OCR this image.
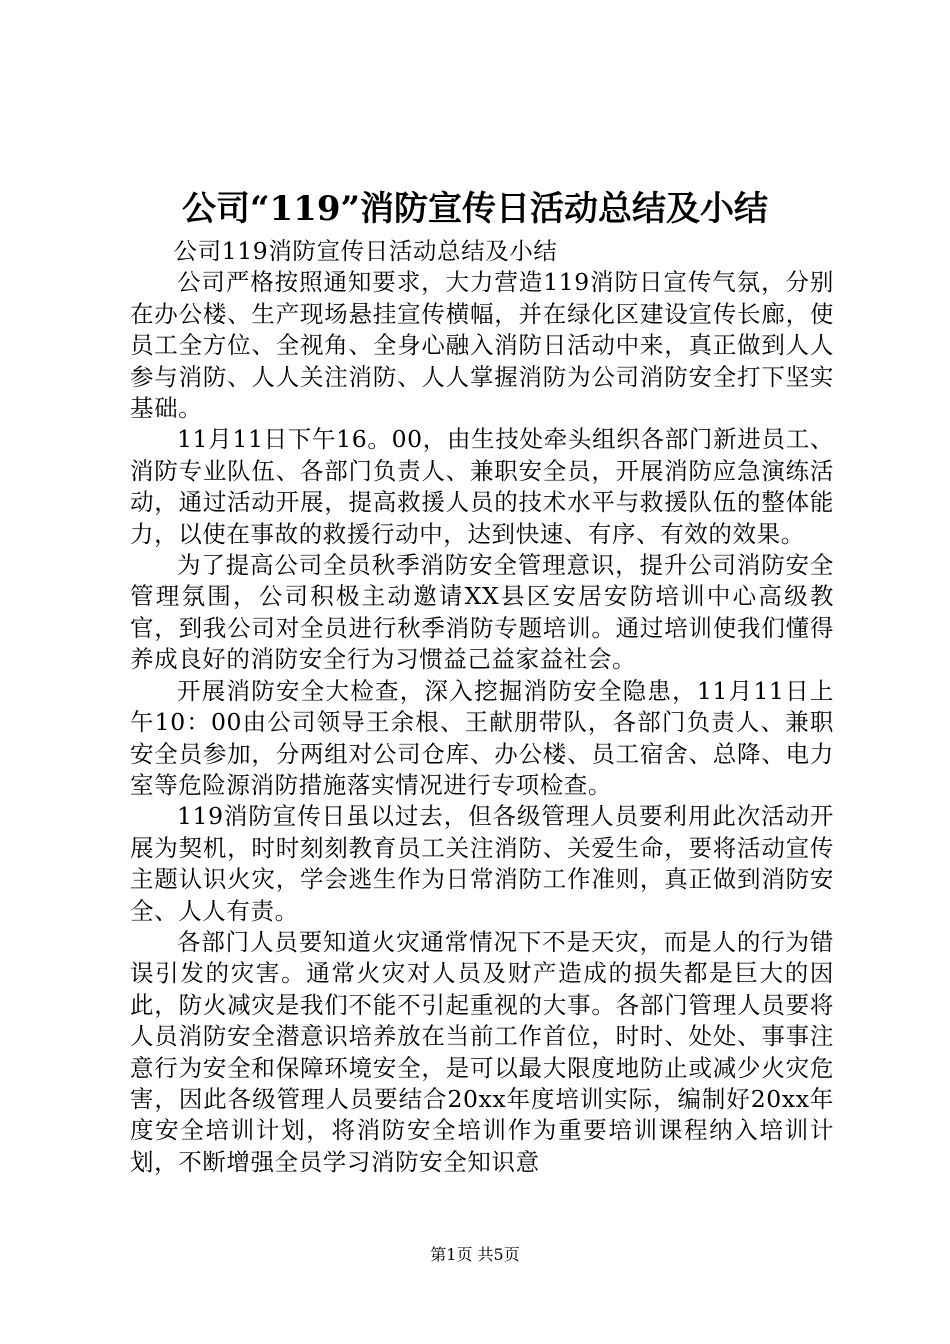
公司“119”消防宣传日活动总结及小结

公司119消防宣传日活动总结及小结

公司严格按照通知要求，大力营造119消防日宣传气氛，分别在办公楼、生产现场悬挂宣传横幅，并在绿化区建设宣传长廊，使员工全方位、全视角、全身心融入消防日活动中来，真正做到人人参与消防、人人关注消防、人人掌握消防为公司消防安全打下坚实基础。

11月11日下午16。00，由生技处牵头组织各部门新进员工、消防专业队伍、各部门负责人、兼职安全员，开展消防应急演练活动，通过活动开展，提高救援人员的技术水平与救援队伍的整体能力，以使在事故的救援行动中，达到快速、有序、有效的效果。

为了提高公司全员秋季消防安全管理意识，提升公司消防安全管理氛围，公司积极主动邀请XX县区安居安防培训中心高级教官，到我公司对全员进行秋季消防专题培训。通过培训使我们懂得养成良好的消防安全行为习惯益己益家益社会。

开展消防安全大检查，深入挖掘消防安全隐患，11月11日上午10：00由公司领导王余根、王献朋带队，各部门负责人、兼职安全员参加，分两组对公司仓库、办公楼、员工宿舍、总降、电力室等危险源消防措施落实情况进行专项检查。

119消防宣传日虽以过去，但各级管理人员要利用此次活动开展为契机，时时刻刻教育员工关注消防、关爱生命，要将活动宣传主题认识火灾，学会逃生作为日常消防工作准则，真正做到消防安全、人人有责。

各部门人员要知道火灾通常情况下不是天灾，而是人的行为错误引发的灾害。通常火灾对人员及财产造成的损失都是巨大的因此，防火减灾是我们不能不引起重视的大事。各部门管理人员要将人员消防安全潜意识培养放在当前工作首位，时时、处处、事事注意行为安全和保障环境安全，是可以最大限度地防止或减少火灾危害，因此各级管理人员要结合20xx年度培训实际，编制好20xx年度安全培训计划，将消防安全培训作为重要培训课程纳入培训计划，不断增强全员学习消防安全知识意

第1页 共5页
